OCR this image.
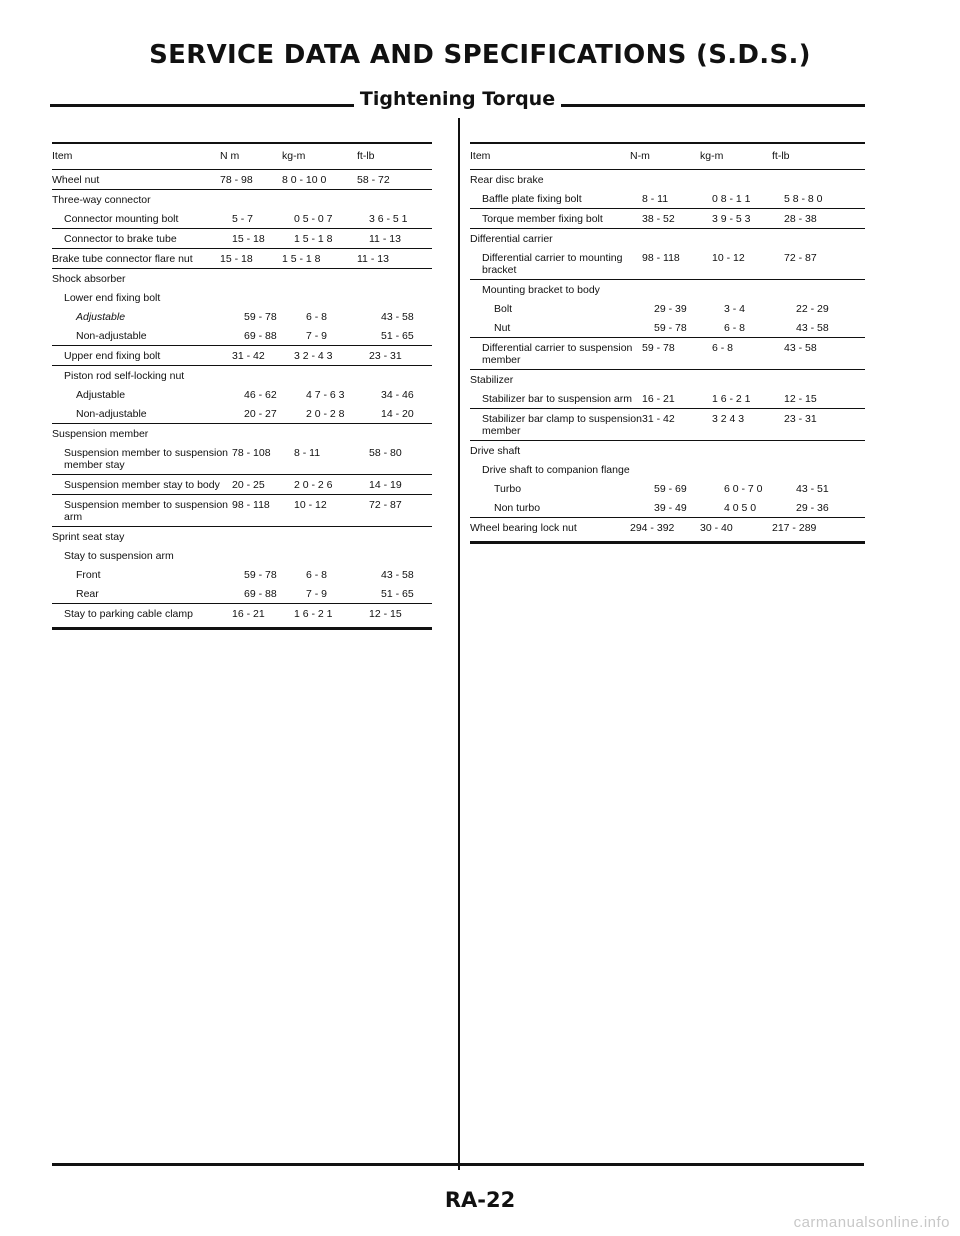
SERVICE DATA AND SPECIFICATIONS (S.D.S.)
Tightening Torque
Item	N m	kg-m	ft-lb
Wheel nut	78 - 98	8 0 - 10 0	58 - 72
Three-way connector
Connector mounting bolt	5 - 7	0 5 - 0 7	3 6 - 5 1
Connector to brake tube	15 - 18	1 5 - 1 8	11 - 13
Brake tube connector flare nut	15 - 18	1 5 - 1 8	11 - 13
Shock absorber
Lower end fixing bolt
Adjustable	59 - 78	6 - 8	43 - 58
Non-adjustable	69 - 88	7 - 9	51 - 65
Upper end fixing bolt	31 - 42	3 2 - 4 3	23 - 31
Piston rod self-locking nut
Adjustable	46 - 62	4 7 - 6 3	34 - 46
Non-adjustable	20 - 27	2 0 - 2 8	14 - 20
Suspension member
Suspension member to suspension member stay
78 - 108	8 - 11	58 - 80
Suspension member stay to body	20 - 25	2 0 - 2 6	14 - 19
Suspension member to suspension arm
98 - 118	10 - 12	72 - 87
Sprint seat stay
Stay to suspension arm
Front	59 - 78	6 - 8	43 - 58
Rear	69 - 88	7 - 9	51 - 65
Stay to parking cable clamp	16 - 21	1 6 - 2 1	12 - 15
Item	N-m	kg-m	ft-lb
Rear disc brake
Baffle plate fixing bolt	8 - 11	0 8 - 1 1	5 8 - 8 0
Torque member fixing bolt	38 - 52	3 9 - 5 3	28 - 38
Differential carrier
Differential carrier to mounting bracket
98 - 118	10 - 12	72 - 87
Mounting bracket to body
Bolt	29 - 39	3 - 4	22 - 29
Nut	59 - 78	6 - 8	43 - 58
Differential carrier to suspension member
59 - 78	6 - 8	43 - 58
Stabilizer
Stabilizer bar to suspension arm 16 - 21	1 6 - 2 1	12 - 15
Stabilizer bar clamp to suspension member
31 - 42	3 2 4 3	23 - 31
Drive shaft
Drive shaft to companion flange
Turbo	59 - 69	6 0 - 7 0	43 - 51
Non turbo	39 - 49	4 0 5 0	29 - 36
Wheel bearing lock nut	294 - 392	30 - 40	217 - 289
RA-22
carmanualsonline.info
